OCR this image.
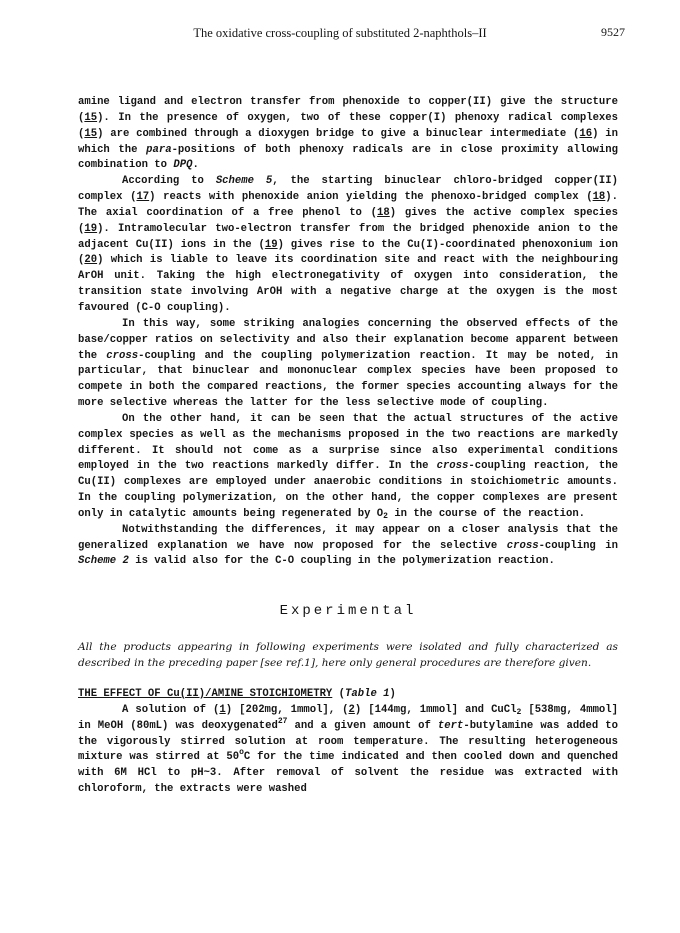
The oxidative cross-coupling of substituted 2-naphthols–II	9527

amine ligand and electron transfer from phenoxide to copper(II) give the structure (15). In the presence of oxygen, two of these copper(I) phenoxy radical complexes (15) are combined through a dioxygen bridge to give a binuclear intermediate (16) in which the para-positions of both phenoxy radicals are in close proximity allowing combination to DPQ.

According to Scheme 5, the starting binuclear chloro-bridged copper(II) complex (17) reacts with phenoxide anion yielding the phenoxo-bridged complex (18). The axial coordination of a free phenol to (18) gives the active complex species (19). Intramolecular two-electron transfer from the bridged phenoxide anion to the adjacent Cu(II) ions in the (19) gives rise to the Cu(I)-coordinated phenoxonium ion (20) which is liable to leave its coordination site and react with the neighbouring ArOH unit. Taking the high electronegativity of oxygen into consideration, the transition state involving ArOH with a negative charge at the oxygen is the most favoured (C-O coupling).

In this way, some striking analogies concerning the observed effects of the base/copper ratios on selectivity and also their explanation become apparent between the cross-coupling and the coupling polymerization reaction. It may be noted, in particular, that binuclear and mononuclear complex species have been proposed to compete in both the compared reactions, the former species accounting always for the more selective whereas the latter for the less selective mode of coupling.

On the other hand, it can be seen that the actual structures of the active complex species as well as the mechanisms proposed in the two reactions are markedly different. It should not come as a surprise since also experimental conditions employed in the two reactions markedly differ. In the cross-coupling reaction, the Cu(II) complexes are employed under anaerobic conditions in stoichiometric amounts. In the coupling polymerization, on the other hand, the copper complexes are present only in catalytic amounts being regenerated by $O_2$ in the course of the reaction.

Notwithstanding the differences, it may appear on a closer analysis that the generalized explanation we have now proposed for the selective cross-coupling in Scheme 2 is valid also for the C-O coupling in the polymerization reaction.

Experimental

All the products appearing in following experiments were isolated and fully characterized as described in the preceding paper [see ref.1], here only general procedures are therefore given.

THE EFFECT OF Cu(II)/AMINE STOICHIOMETRY (Table 1)

A solution of (1) [202mg, 1mmol], (2) [144mg, 1mmol] and CuCl$_2$ [538mg, 4mmol] in MeOH (80mL) was deoxygenated$^{27}$ and a given amount of tert-butylamine was added to the vigorously stirred solution at room temperature. The resulting heterogeneous mixture was stirred at 50$^o$C for the time indicated and then cooled down and quenched with 6M HCl to pH~3. After removal of solvent the residue was extracted with chloroform, the extracts were washed
